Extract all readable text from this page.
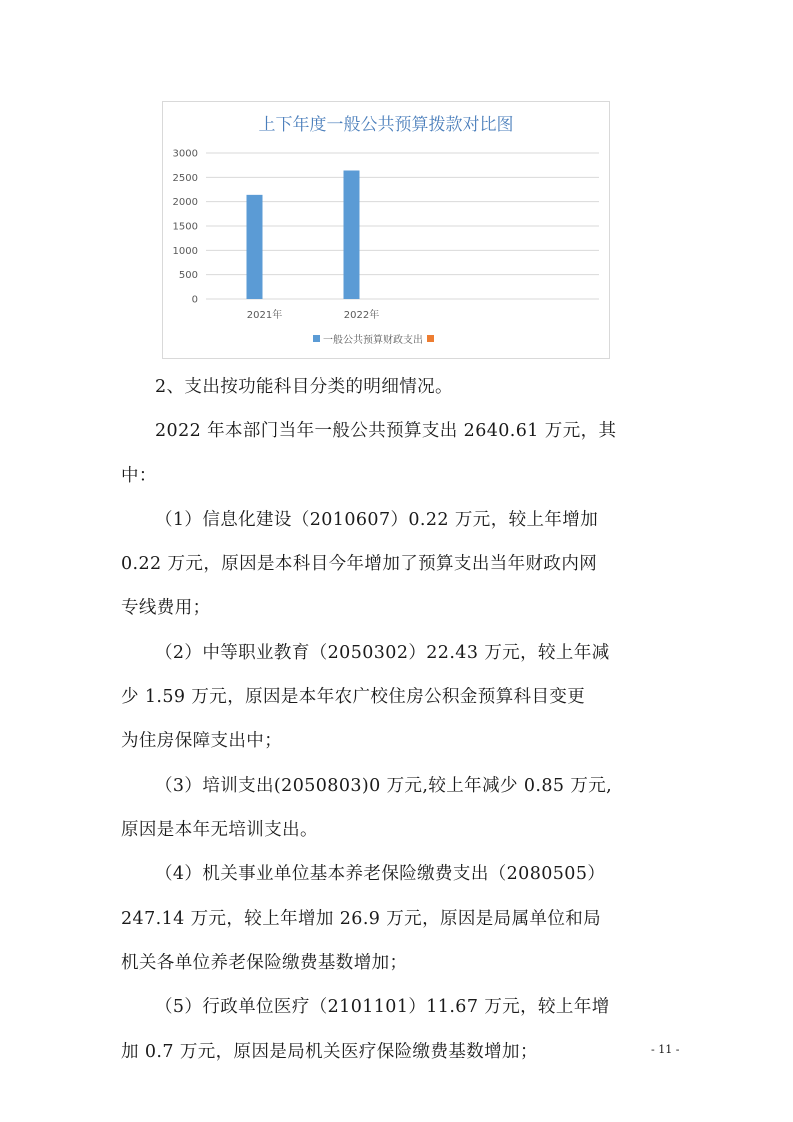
上下年度一般公共预算拨款对比图
0
500
1000
1500
2000
2500
3000
2021年	2022年
一般公共预算财政支出
2、支出按功能科目分类的明细情况。
2022 年本部门当年一般公共预算支出 2640.61 万元，其
中：
（1）信息化建设（2010607）0.22 万元，较上年增加
0.22 万元，原因是本科目今年增加了预算支出当年财政内网
专线费用；
（2）中等职业教育（2050302）22.43 万元，较上年减
少 1.59 万元，原因是本年农广校住房公积金预算科目变更
为住房保障支出中；
（3）培训支出(2050803)0 万元,较上年减少 0.85 万元,
原因是本年无培训支出。
（4）机关事业单位基本养老保险缴费支出（2080505）
247.14 万元，较上年增加 26.9 万元，原因是局属单位和局
机关各单位养老保险缴费基数增加；
（5）行政单位医疗（2101101）11.67 万元，较上年增
加 0.7 万元，原因是局机关医疗保险缴费基数增加；	- 11 -
